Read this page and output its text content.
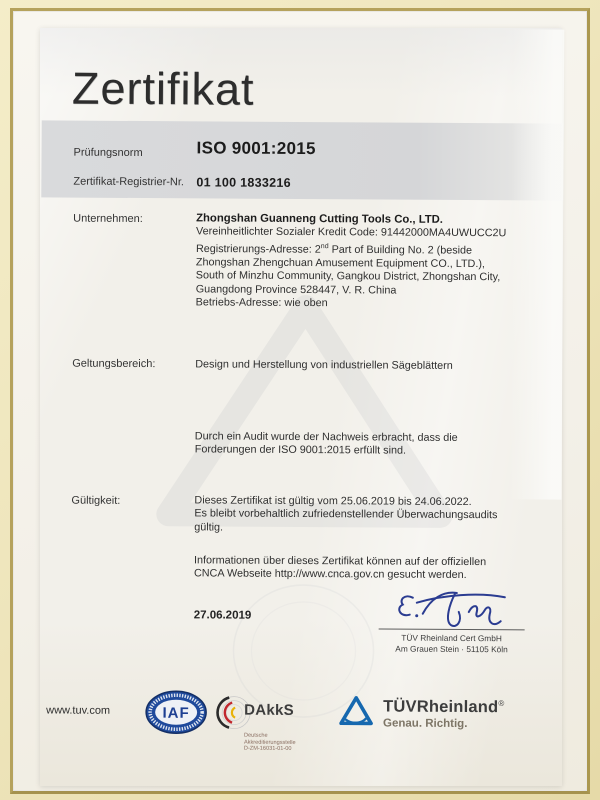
Zertifikat
Prüfungsnorm	ISO 9001:2015
Zertifikat-Registrier-Nr. 01 100 1833216
Unternehmen:	Zhongshan Guanneng Cutting Tools Co., LTD.
Vereinheitlichter Sozialer Kredit Code: 91442000MA4UWUCC2U
Registrierungs-Adresse: 2nd Part of Building No. 2 (beside
Zhongshan Zhengchuan Amusement Equipment CO., LTD.),
South of Minzhu Community, Gangkou District, Zhongshan City,
Guangdong Province 528447, V. R. China
Betriebs-Adresse: wie oben
Geltungsbereich:	Design und Herstellung von industriellen Sägeblättern
Durch ein Audit wurde der Nachweis erbracht, dass die
Forderungen der ISO 9001:2015 erfüllt sind.
Gültigkeit:	Dieses Zertifikat ist gültig vom 25.06.2019 bis 24.06.2022.
Es bleibt vorbehaltlich zufriedenstellender Überwachungsaudits
gültig.
Informationen über dieses Zertifikat können auf der offiziellen
CNCA Webseite http://www.cnca.gov.cn gesucht werden.
27.06.2019
TÜV Rheinland Cert GmbH
Am Grauen Stein · 51105 Köln
www.tuv.com	IAF	DAkkS
Deutsche
Akkreditierungsstelle
D-ZM-16031-01-00
TÜVRheinland®
Genau. Richtig.
